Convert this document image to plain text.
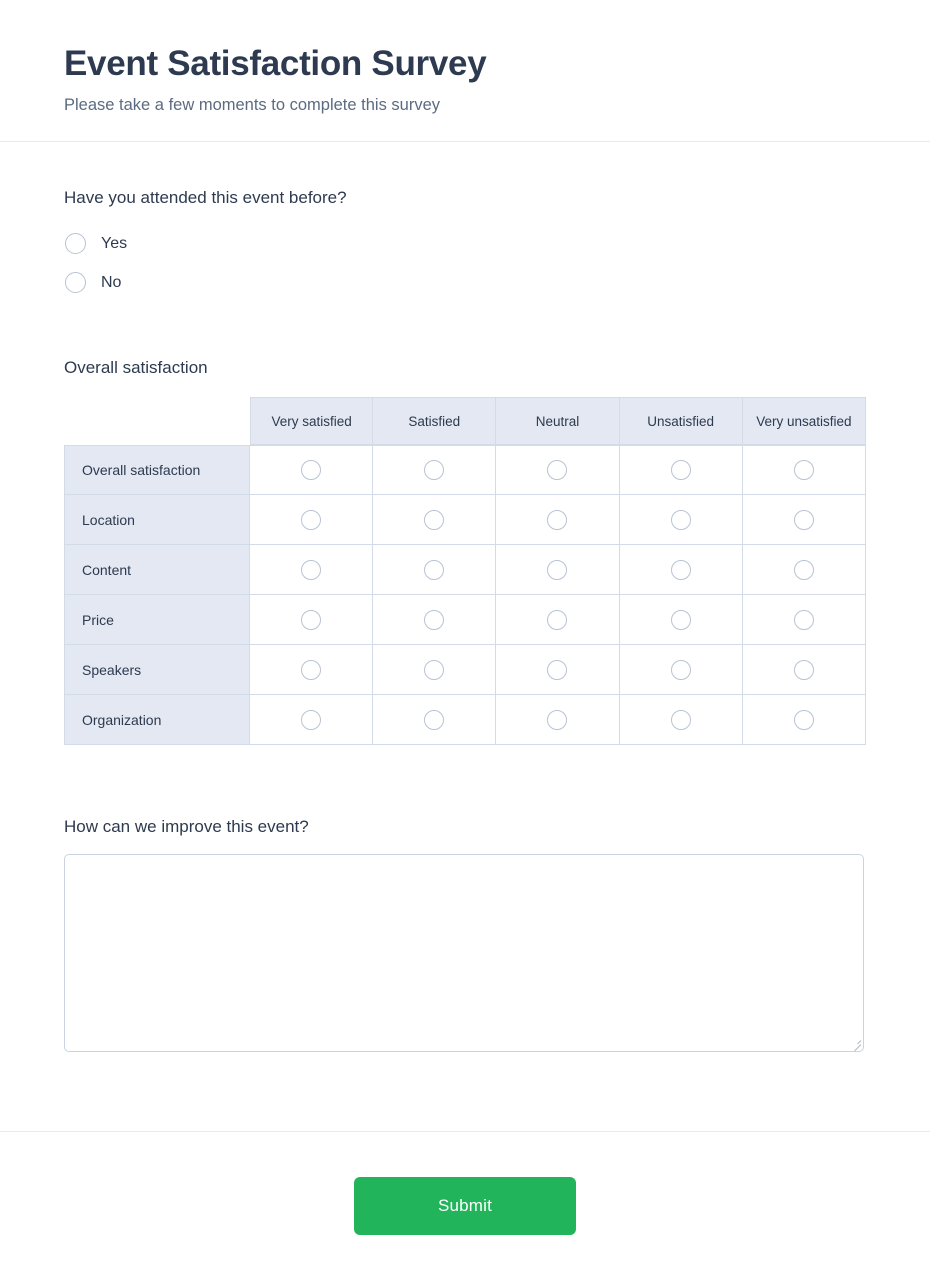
Event Satisfaction Survey

Please take a few moments to complete this survey

Have you attended this event before?
Yes
No
Overall satisfaction
	Very satisfied	Satisfied	Neutral	Unsatisfied	Very unsatisfied
Overall satisfaction					
Location					
Content					
Price					
Speakers					
Organization					
How can we improve this event?
Submit
